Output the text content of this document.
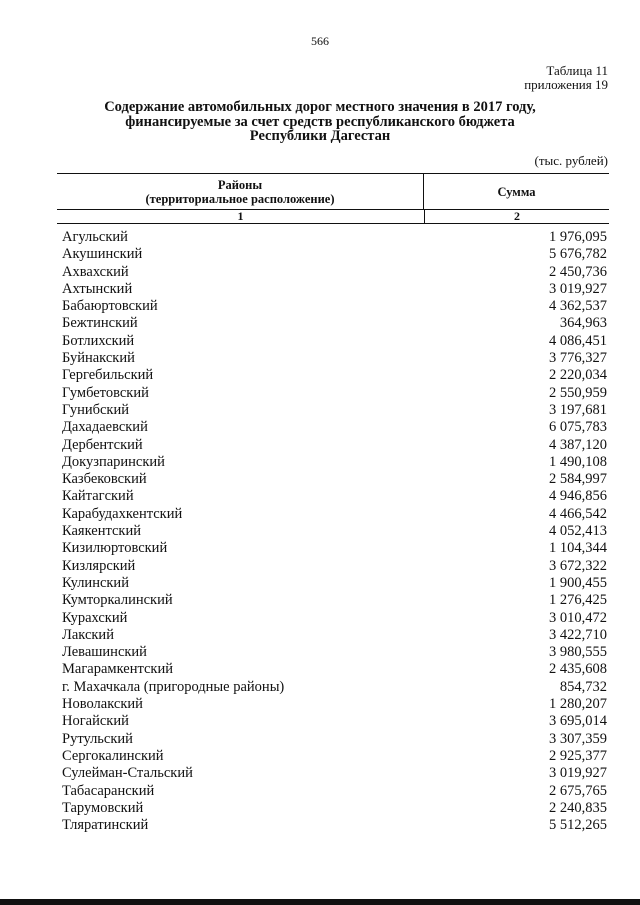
566
Таблица 11
приложения 19
Содержание автомобильных дорог местного значения в 2017 году,
финансируемые за счет средств республиканского бюджета
Республики Дагестан
(тыс. рублей)
Районы
(территориальное расположение)	Сумма
1	2
Агульский	1 976,095
Акушинский	5 676,782
Ахвахский	2 450,736
Ахтынский	3 019,927
Бабаюртовский	4 362,537
Бежтинский	364,963
Ботлихский	4 086,451
Буйнакский	3 776,327
Гергебильский	2 220,034
Гумбетовский	2 550,959
Гунибский	3 197,681
Дахадаевский	6 075,783
Дербентский	4 387,120
Докузпаринский	1 490,108
Казбековский	2 584,997
Кайтагский	4 946,856
Карабудахкентский	4 466,542
Каякентский	4 052,413
Кизилюртовский	1 104,344
Кизлярский	3 672,322
Кулинский	1 900,455
Кумторкалинский	1 276,425
Курахский	3 010,472
Лакский	3 422,710
Левашинский	3 980,555
Магарамкентский	2 435,608
г. Махачкала (пригородные районы)	854,732
Новолакский	1 280,207
Ногайский	3 695,014
Рутульский	3 307,359
Сергокалинский	2 925,377
Сулейман-Стальский	3 019,927
Табасаранский	2 675,765
Тарумовский	2 240,835
Тляратинский	5 512,265
